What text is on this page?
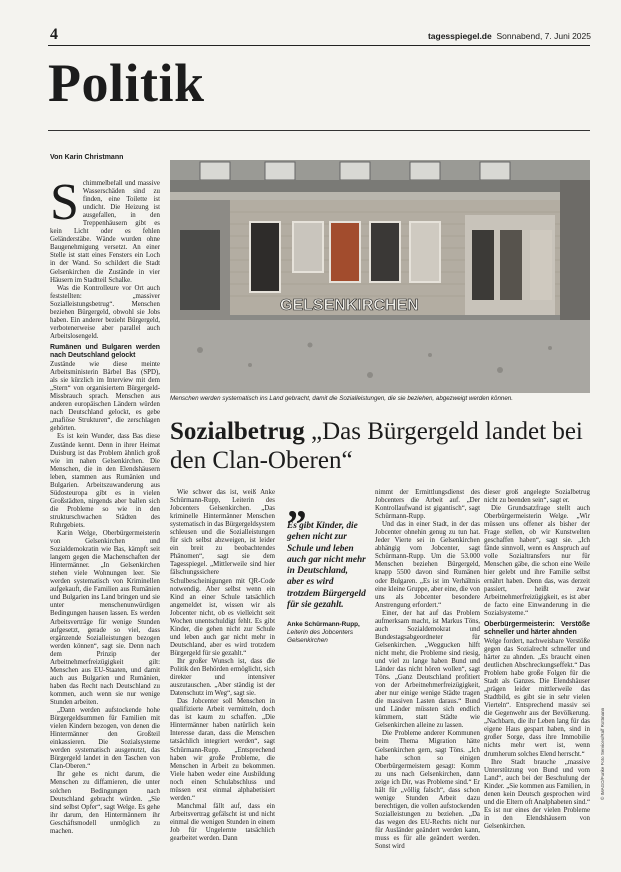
4	tagesspiegel.de Sonnabend, 7. Juni 2025
Politik
Von Karin Christmann
S chimmelbefall und massive Wasserschäden sind zu finden, eine Toilette ist undicht. Die Heizung ist ausgefallen, in den Treppenhäusern gibt es kein Licht oder es fehlen Geländerstäbe. Wände wurden ohne Baugenehmigung versetzt. An einer Stelle ist statt eines Fensters ein Loch in der Wand. So schildert die Stadt Gelsenkirchen die Zustände in vier Häusern im Stadtteil Schalke.

Was die Kontrolleure vor Ort auch feststellten: „massiver Sozialleistungsbetrug“. Menschen beziehen Bürgergeld, obwohl sie Jobs haben. Ein anderer bezieht Bürgergeld, verbotenerweise aber parallel auch Arbeitslosengeld.

Rumänen und Bulgaren werden nach Deutschland gelockt

Zustände wie diese meinte Arbeitsministerin Bärbel Bas (SPD), als sie kürzlich im Interview mit dem „Stern“ von organisiertem Bürgergeld-Missbrauch sprach. Menschen aus anderen europäischen Ländern würden nach Deutschland gelockt, es gebe „mafiöse Strukturen“, die zerschlagen gehörten.

Es ist kein Wunder, dass Bas diese Zustände kennt. Denn in ihrer Heimat Duisburg ist das Problem ähnlich groß wie im nahen Gelsenkirchen. Die Menschen, die in den Elendshäusern leben, stammen aus Rumänien und Bulgarien. Arbeitszuwanderung aus Südosteuropa gibt es in vielen Großstädten, nirgends aber ballen sich die Probleme so wie in den strukturschwachen Städten des Ruhrgebiets.

Karin Welge, Oberbürgermeisterin von Gelsenkirchen und Sozialdemokratin wie Bas, kämpft seit langem gegen die Machenschaften der Hintermänner. „In Gelsenkirchen stehen viele Wohnungen leer. Sie werden systematisch von Kriminellen aufgekauft, die Familien aus Rumänien und Bulgarien ins Land bringen und sie unter menschenunwürdigen Bedingungen hausen lassen. Es werden Arbeitsverträge für wenige Stunden aufgesetzt, gerade so viel, dass ergänzende Sozialleistungen bezogen werden können“, sagt sie. Denn nach dem Prinzip der Arbeitnehmerfreizügigkeit gilt: Menschen aus EU-Staaten, und damit auch aus Bulgarien und Rumänien, haben das Recht nach Deutschland zu kommen, auch wenn sie nur wenige Stunden arbeiten.

„Dann werden aufstockende hohe Bürgergeldsummen für Familien mit vielen Kindern bezogen, von denen die Hintermänner den Großteil einkassieren. Die Sozialsysteme werden systematisch ausgenutzt, das Bürgergeld landet in den Taschen von Clan-Oberen.“

Ihr gehe es nicht darum, die Menschen zu diffamieren, die unter solchen Bedingungen nach Deutschland gebracht würden. „Sie sind selbst Opfer“, sagt Welge. Es gehe ihr darum, den Hintermännern ihr Geschäftsmodell unmöglich zu machen.

GELSENKIRCHEN
Menschen werden systematisch ins Land gebracht, damit die Sozialleistungen, die sie beziehen, abgezweigt werden können.
Sozialbetrug „Das Bürgergeld landet bei den Clan-Oberen“

Wie schwer das ist, weiß Anke Schürmann-Rupp, Leiterin des Jobcenters Gelsenkirchen. „Das kriminelle Hintermänner Menschen systematisch in das Bürgergeldsystem schleusen und die Sozialleistungen für sich selbst abzweigen, ist leider ein breit zu beobachtendes Phänomen“, sagt sie dem Tagesspiegel. „Mittlerweile sind hier fälschungssichere Schulbescheinigungen mit QR-Code notwendig. Aber selbst wenn ein Kind an einer Schule tatsächlich angemeldet ist, wissen wir als Jobcenter nicht, ob es vielleicht seit Wochen unentschuldigt fehlt. Es gibt Kinder, die gehen nicht zur Schule und leben auch gar nicht mehr in Deutschland, aber es wird trotzdem Bürgergeld für sie gezahlt.“

Ihr großer Wunsch ist, dass die Politik den Behörden ermöglicht, sich direkter und intensiver auszutauschen. „Aber ständig ist der Datenschutz im Weg“, sagt sie.

Das Jobcenter soll Menschen in qualifizierte Arbeit vermitteln, doch das ist kaum zu schaffen. „Die Hintermänner haben natürlich kein Interesse daran, dass die Menschen tatsächlich integriert werden“, sagt Schürmann-Rupp. „Entsprechend haben wir große Probleme, die Menschen in Arbeit zu bekommen. Viele haben weder eine Ausbildung noch einen Schulabschluss und müssen erst einmal alphabetisiert werden.“

Manchmal fällt auf, dass ein Arbeitsvertrag gefälscht ist und nicht einmal die wenigen Stunden in einem Job für Ungelernte tatsächlich gearbeitet werden. Dann

„
Es gibt Kinder, die gehen nicht zur Schule und leben auch gar nicht mehr in Deutschland, aber es wird trotzdem Bürgergeld für sie gezahlt.
Anke Schürmann-Rupp, Leiterin des Jobcenters Gelsenkirchen

nimmt der Ermittlungsdienst des Jobcenters die Arbeit auf. „Der Kontrollaufwand ist gigantisch“, sagt Schürmann-Rupp.

Und das in einer Stadt, in der das Jobcenter ohnehin genug zu tun hat. Jeder Vierte sei in Gelsenkirchen abhängig vom Jobcenter, sagt Schürmann-Rupp. Um die 53.000 Menschen beziehen Bürgergeld, knapp 5500 davon sind Rumänen oder Bulgaren. „Es ist im Verhältnis eine kleine Gruppe, aber eine, die von uns als Jobcenter besondere Anstrengung erfordert.“

Einer, der hat auf das Problem aufmerksam macht, ist Markus Töns, auch Sozialdemokrat und Bundestagsabgeordneter für Gelsenkirchen. „Weggucken hilft nicht mehr, die Probleme sind riesig, und viel zu lange haben Bund und Länder das nicht hören wollen“, sagt Töns. „Ganz Deutschland profitiert von der Arbeitnehmerfreizügigkeit, aber nur einige wenige Städte tragen die massiven Lasten daraus.“ Bund und Länder müssten sich endlich kümmern, statt Städte wie Gelsenkirchen alleine zu lassen.

Die Probleme anderer Kommunen beim Thema Migration hätte Gelsenkirchen gern, sagt Töns. „Ich habe schon so einigen Oberbürgermeistern gesagt: Komm zu uns nach Gelsenkirchen, dann zeige ich Dir, was Probleme sind.“ Er hält für „völlig falsch“, dass schon wenige Stunden Arbeit dazu berechtigen, die vollen aufstockenden Sozialleistungen zu beziehen. „Da das wegen des EU-Rechts nicht nur für Ausländer geändert werden kann, muss es für alle geändert werden. Sonst wird

dieser groß angelegte Sozialbetrug nicht zu beenden sein“, sagt er.

Die Grundsatzfrage stellt auch Oberbürgermeisterin Welge. „Wir müssen uns offener als bisher der Frage stellen, ob wir Kunstwelten geschaffen haben“, sagt sie. „Ich fände sinnvoll, wenn es Anspruch auf volle Sozialtransfers nur für Menschen gäbe, die schon eine Weile hier gelebt und ihre Familie selbst ernährt haben. Denn das, was derzeit passiert, heißt zwar Arbeitnehmerfreizügigkeit, es ist aber de facto eine Einwanderung in die Sozialsysteme.“

Oberbürgermeisterin: Verstöße schneller und härter ahnden

Welge fordert, nachweisbare Verstöße gegen das Sozialrecht schneller und härter zu ahnden. „Es braucht einen deutlichen Abschreckungseffekt.“ Das Problem habe große Folgen für die Stadt als Ganzes. Die Elendshäuser „prägen leider mittlerweile das Stadtbild, es gibt sie in sehr vielen Vierteln“. Entsprechend massiv sei die Gegenwehr aus der Bevölkerung. „Nachbarn, die ihr Leben lang für das eigene Haus gespart haben, sind in großer Sorge, dass ihre Immobilie nichts mehr wert ist, wenn drumherum solches Elend herrscht.“

Ihre Stadt brauche „massive Unterstützung von Bund und vom Land“, auch bei der Beschulung der Kinder. „Sie kommen aus Familien, in denen kein Deutsch gesprochen wird und die Eltern oft Analphabeten sind.“ Es ist nur eines der vielen Probleme in den Elendshäusern von Gelsenkirchen.

© IMAGO/Funke Foto Services/Ralf Rottmann
